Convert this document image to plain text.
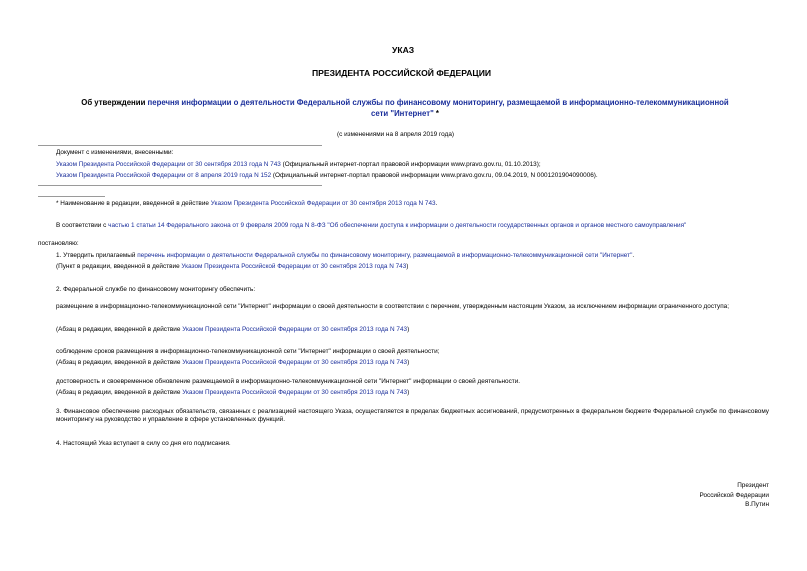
УКАЗ
ПРЕЗИДЕНТА РОССИЙСКОЙ ФЕДЕРАЦИИ
Об утверждении перечня информации о деятельности Федеральной службы по финансовому мониторингу, размещаемой в информационно-телекоммуникационной сети "Интернет" *
(с изменениями на 8 апреля 2019 года)
Документ с изменениями, внесенными:
Указом Президента Российской Федерации от 30 сентября 2013 года N 743 (Официальный интернет-портал правовой информации www.pravo.gov.ru, 01.10.2013);
Указом Президента Российской Федерации от 8 апреля 2019 года N 152 (Официальный интернет-портал правовой информации www.pravo.gov.ru, 09.04.2019, N 0001201904090006).
* Наименование в редакции, введенной в действие Указом Президента Российской Федерации от 30 сентября 2013 года N 743.
В соответствии с частью 1 статьи 14 Федерального закона от 9 февраля 2009 года N 8-ФЗ "Об обеспечении доступа к информации о деятельности государственных органов и органов местного самоуправления"
постановляю:
1. Утвердить прилагаемый перечень информации о деятельности Федеральной службы по финансовому мониторингу, размещаемой в информационно-телекоммуникационной сети "Интернет".
(Пункт в редакции, введенной в действие Указом Президента Российской Федерации от 30 сентября 2013 года N 743)
2. Федеральной службе по финансовому мониторингу обеспечить:
размещение в информационно-телекоммуникационной сети "Интернет" информации о своей деятельности в соответствии с перечнем, утвержденным настоящим Указом, за исключением информации ограниченного доступа;
(Абзац в редакции, введенной в действие Указом Президента Российской Федерации от 30 сентября 2013 года N 743)
соблюдение сроков размещения в информационно-телекоммуникационной сети "Интернет" информации о своей деятельности;
(Абзац в редакции, введенной в действие Указом Президента Российской Федерации от 30 сентября 2013 года N 743)
достоверность и своевременное обновление размещаемой в информационно-телекоммуникационной сети "Интернет" информации о своей деятельности.
(Абзац в редакции, введенной в действие Указом Президента Российской Федерации от 30 сентября 2013 года N 743)
3. Финансовое обеспечение расходных обязательств, связанных с реализацией настоящего Указа, осуществляется в пределах бюджетных ассигнований, предусмотренных в федеральном бюджете Федеральной службе по финансовому мониторингу на руководство и управление в сфере установленных функций.
4. Настоящий Указ вступает в силу со дня его подписания.
Президент
Российской Федерации
В.Путин
